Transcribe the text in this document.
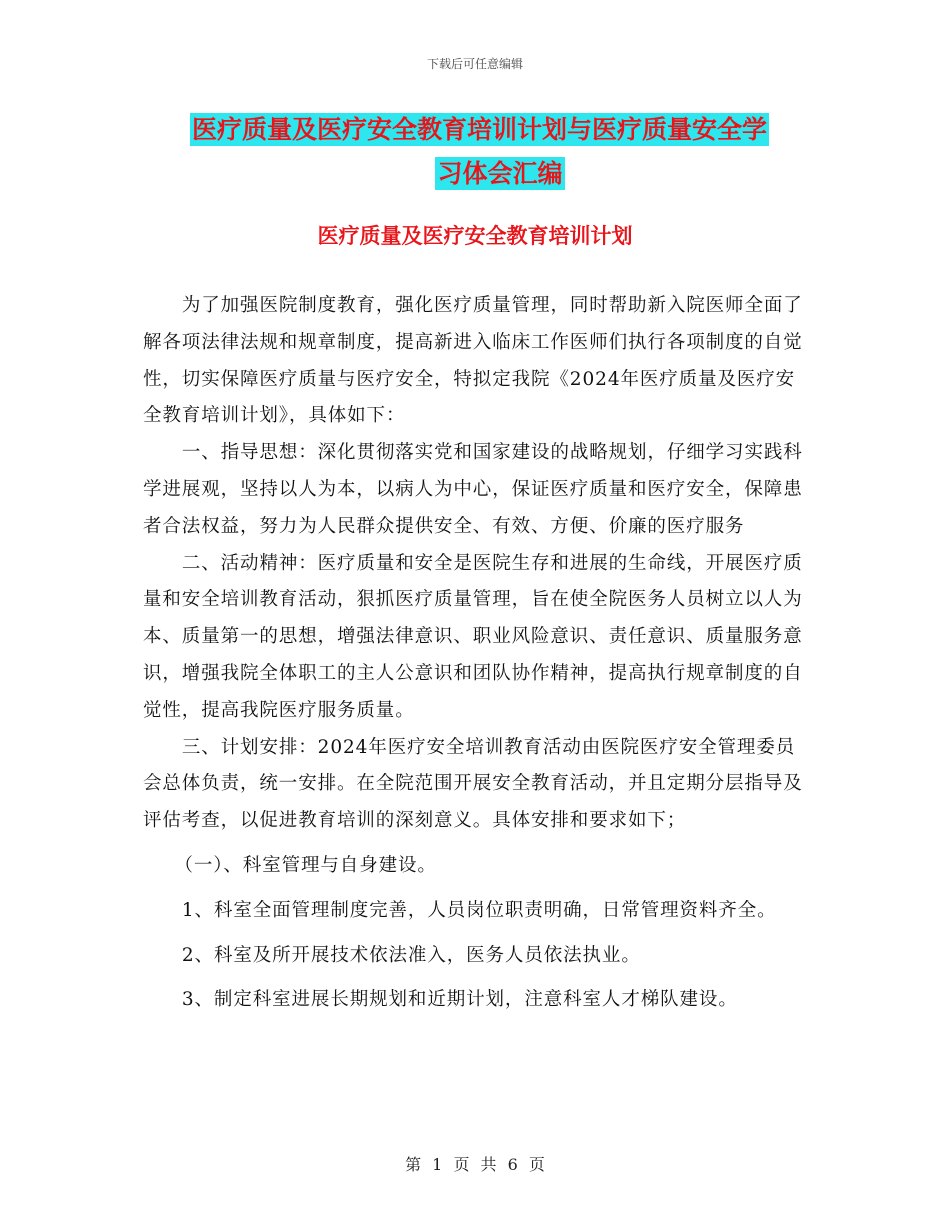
下载后可任意编辑
医疗质量及医疗安全教育培训计划与医疗质量安全学
习体会汇编
医疗质量及医疗安全教育培训计划

为了加强医院制度教育，强化医疗质量管理，同时帮助新入院医师全面了解各项法律法规和规章制度，提高新进入临床工作医师们执行各项制度的自觉性，切实保障医疗质量与医疗安全，特拟定我院《2024年医疗质量及医疗安全教育培训计划》，具体如下：

一、指导思想：深化贯彻落实党和国家建设的战略规划，仔细学习实践科学进展观，坚持以人为本，以病人为中心，保证医疗质量和医疗安全，保障患者合法权益，努力为人民群众提供安全、有效、方便、价廉的医疗服务

二、活动精神：医疗质量和安全是医院生存和进展的生命线，开展医疗质量和安全培训教育活动，狠抓医疗质量管理，旨在使全院医务人员树立以人为本、质量第一的思想，增强法律意识、职业风险意识、责任意识、质量服务意识，增强我院全体职工的主人公意识和团队协作精神，提高执行规章制度的自觉性，提高我院医疗服务质量。

三、计划安排：2024年医疗安全培训教育活动由医院医疗安全管理委员会总体负责，统一安排。在全院范围开展安全教育活动，并且定期分层指导及评估考查，以促进教育培训的深刻意义。具体安排和要求如下；

（一）、科室管理与自身建设。

1、科室全面管理制度完善，人员岗位职责明确，日常管理资料齐全。

2、科室及所开展技术依法准入，医务人员依法执业。

3、制定科室进展长期规划和近期计划，注意科室人才梯队建设。

第 1 页 共 6 页
